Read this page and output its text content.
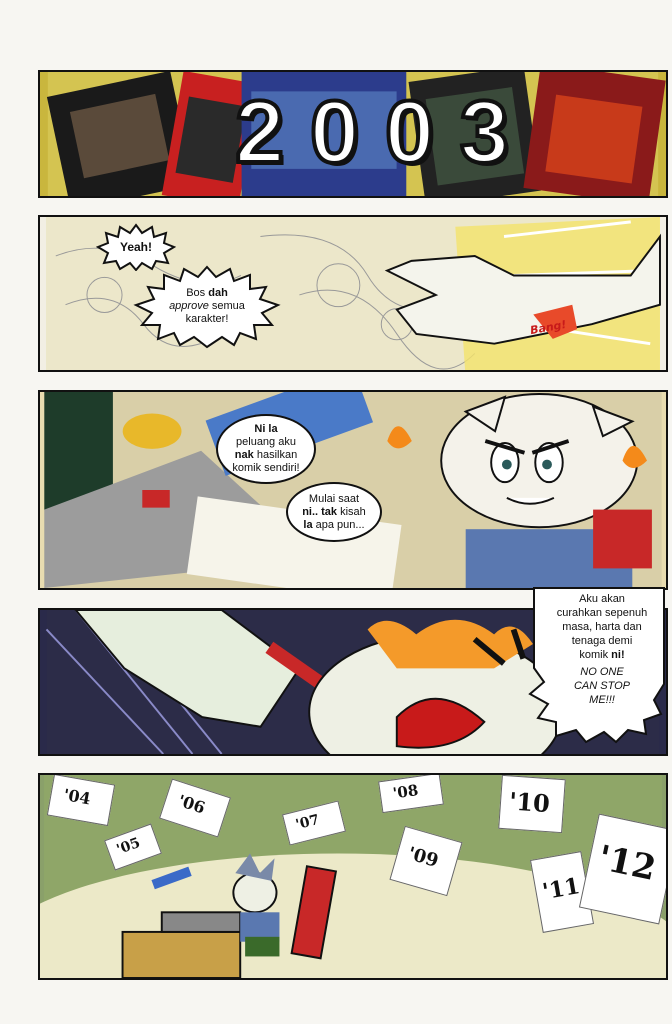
2003
Yeah!
Bos dah
approve semua
karakter!	Bang!
Ni la
peluang aku
nak hasilkan
komik sendiri!
Mulai saat
ni.. tak kisah
la apa pun...
Aku akan
curahkan sepenuh
masa, harta dan
tenaga demi
komik ni!
NO ONE
CAN STOP
ME!!!
'04	'06
'07
'08	'10
'05	'09
'11
'12
